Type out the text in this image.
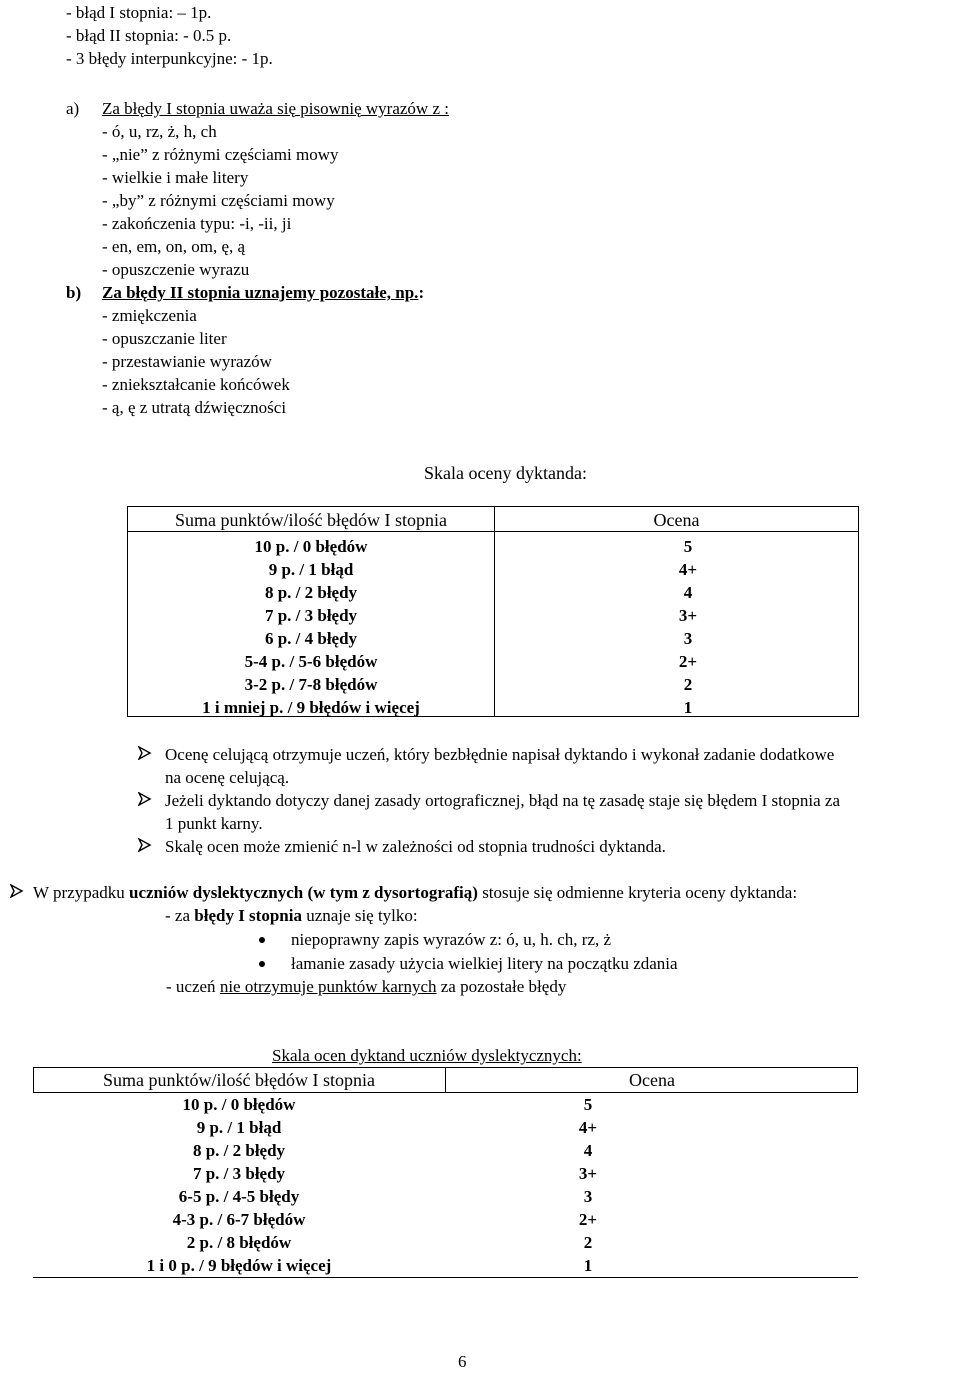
- błąd I stopnia: – 1p.
- błąd II stopnia: - 0.5 p.
- 3 błędy interpunkcyjne: - 1p.
a) Za błędy I stopnia uważa się pisownię wyrazów z :
- ó, u, rz, ż, h, ch
- „nie” z różnymi częściami mowy
- wielkie i małe litery
- „by” z różnymi częściami mowy
- zakończenia typu: -i, -ii, ji
- en, em, on, om, ę, ą
- opuszczenie wyrazu
b) Za błędy II stopnia uznajemy pozostałe, np.:
- zmiękczenia
- opuszczanie liter
- przestawianie wyrazów
- zniekształcanie końcówek
- ą, ę z utratą dźwięczności
Skala oceny dyktanda:
Suma punktów/ilość błędów I stopnia	Ocena
10 p. / 0 błędów	5
9 p. / 1 błąd	4+
8 p. / 2 błędy	4
7 p. / 3 błędy	3+
6 p. / 4 błędy	3
5-4 p. / 5-6 błędów	2+
3-2 p. / 7-8 błędów	2
1 i mniej p. / 9 błędów i więcej	1
Ocenę celującą otrzymuje uczeń, który bezbłędnie napisał dyktando i wykonał zadanie dodatkowe
na ocenę celującą.
Jeżeli dyktando dotyczy danej zasady ortograficznej, błąd na tę zasadę staje się błędem I stopnia za
1 punkt karny.
Skalę ocen może zmienić n-l w zależności od stopnia trudności dyktanda.
W przypadku uczniów dyslektycznych (w tym z dysortografią) stosuje się odmienne kryteria oceny dyktanda:
- za błędy I stopnia uznaje się tylko:
niepoprawny zapis wyrazów z: ó, u, h. ch, rz, ż
łamanie zasady użycia wielkiej litery na początku zdania
- uczeń nie otrzymuje punktów karnych za pozostałe błędy
Skala ocen dyktand uczniów dyslektycznych:
Suma punktów/ilość błędów I stopnia	Ocena
10 p. / 0 błędów	5
9 p. / 1 błąd	4+
8 p. / 2 błędy	4
7 p. / 3 błędy	3+
6-5 p. / 4-5 błędy	3
4-3 p. / 6-7 błędów	2+
2 p. / 8 błędów	2
1 i 0 p. / 9 błędów i więcej	1
6
